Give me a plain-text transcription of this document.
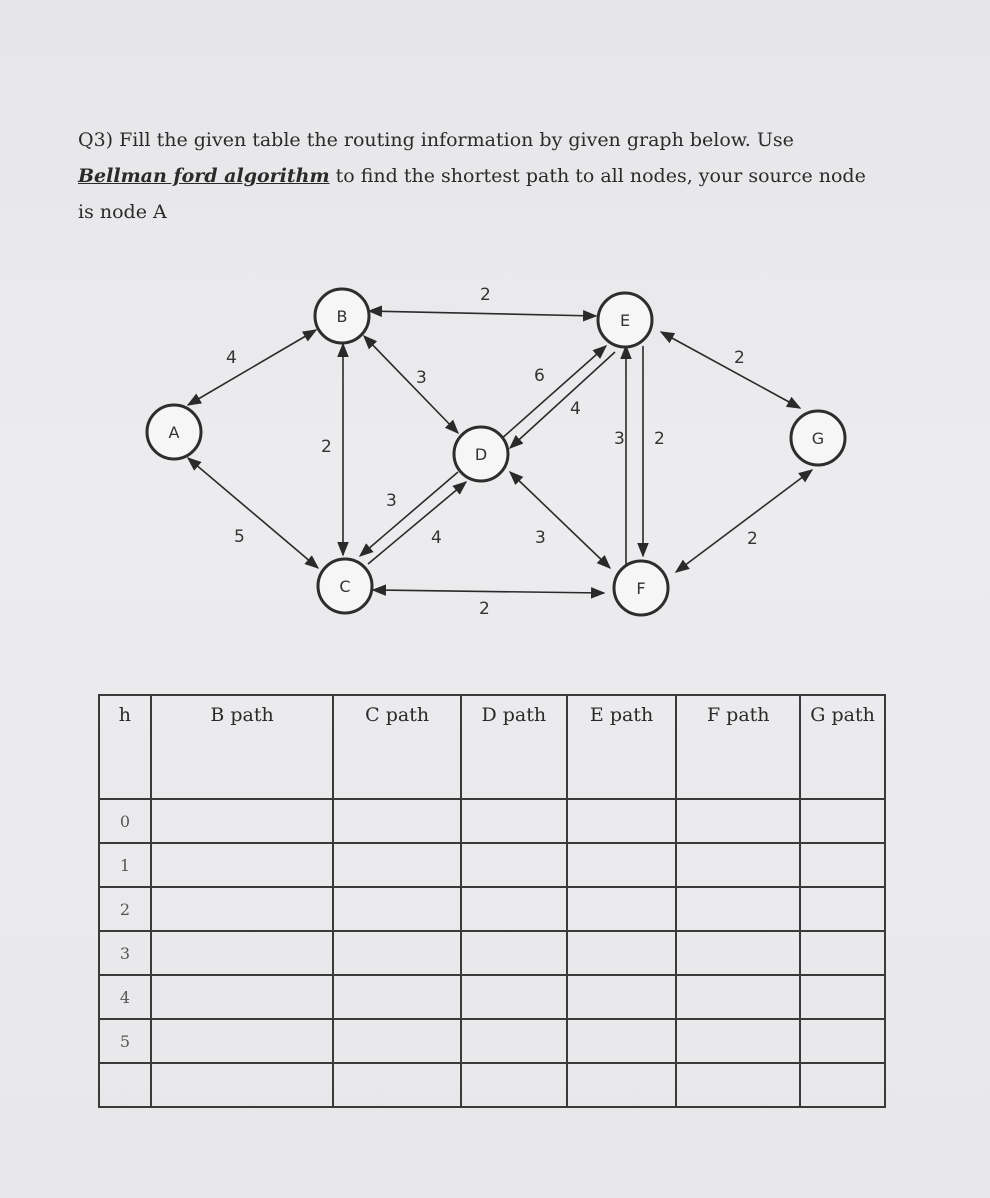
Q3) Fill the given table the routing information by given graph below. Use
Bellman ford algorithm to find the shortest path to all nodes, your source node
is node A
2
4
5
2
3
3
4
2
6
4
3
3 2
2
2
A
B
C
D
E
F
G
h	B path	C path	D path	E path	F path	G path
0						
1						
2						
3						
4						
5						
